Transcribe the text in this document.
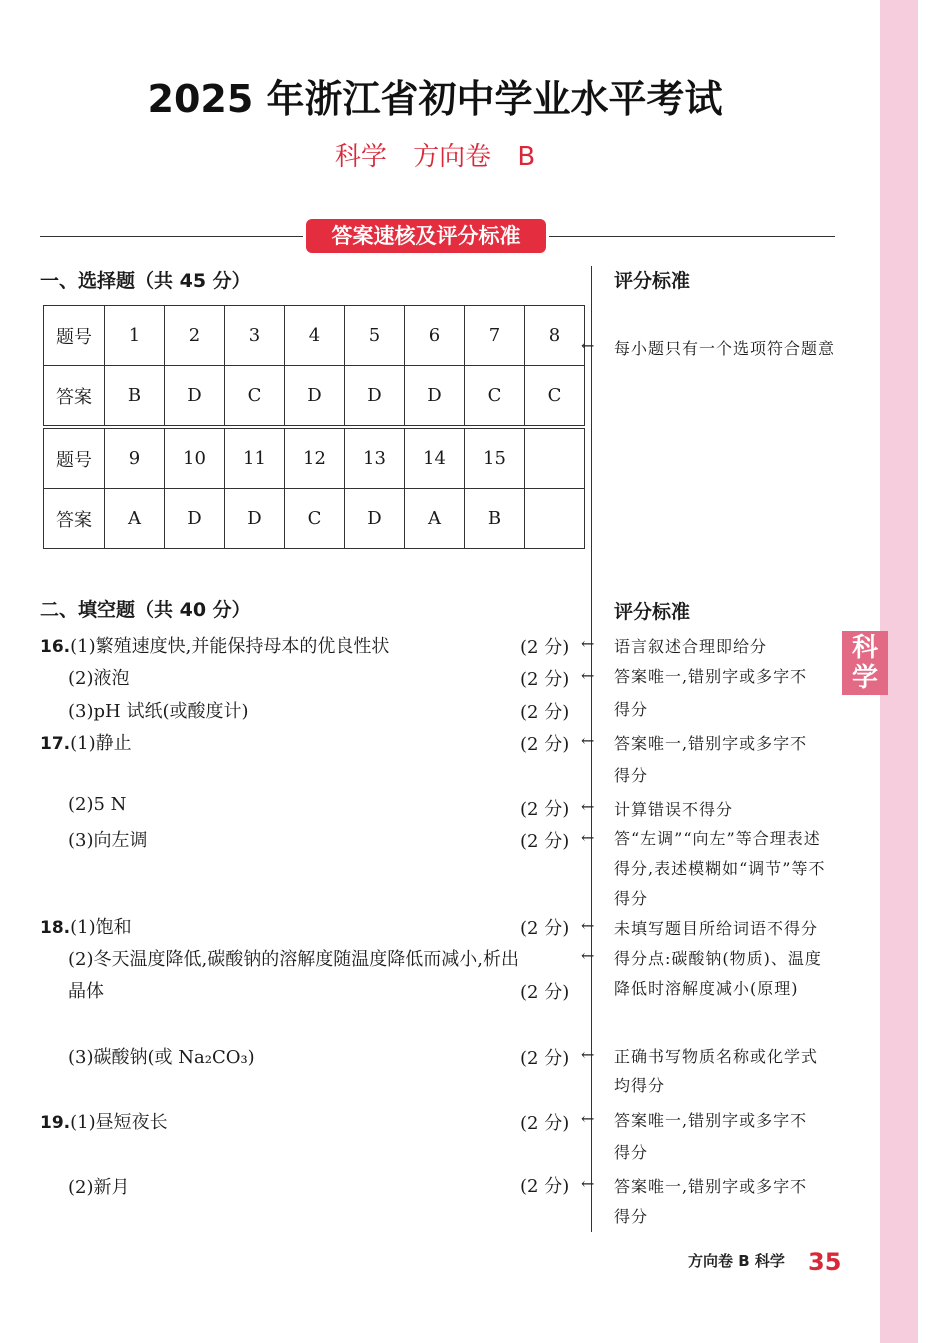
科学
2025 年浙江省初中学业水平考试
科学 方向卷 B
答案速核及评分标准
一、选择题（共 45 分）	评分标准
题号	1	2	3	4	5	6	7	8
答案	B	D	C	D	D	D	C	C
题号	9	10	11	12	13	14	15	
答案	A	D	D	C	D	A	B	
← 每小题只有一个选项符合题意
二、填空题（共 40 分）	评分标准
16.(1)繁殖速度快,并能保持母本的优良性状	(2 分) ← 语言叙述合理即给分
(2)液泡	(2 分) ← 答案唯一,错别字或多字不
得分
(3)pH 试纸(或酸度计)	(2 分)
17.(1)静止	(2 分) ← 答案唯一,错别字或多字不
得分
(2)5 N	(2 分) ← 计算错误不得分
(3)向左调	(2 分) ← 答“左调”“向左”等合理表述
得分,表述模糊如“调节”等不
得分
18.(1)饱和	(2 分) ← 未填写题目所给词语不得分
(2)冬天温度降低,碳酸钠的溶解度随温度降低而减小,析出
晶体	(2 分)
← 得分点:碳酸钠(物质)、温度
降低时溶解度减小(原理)
(3)碳酸钠(或 Na₂CO₃)	(2 分) ← 正确书写物质名称或化学式
均得分
19.(1)昼短夜长	(2 分) ← 答案唯一,错别字或多字不
得分
(2)新月	(2 分) ← 答案唯一,错别字或多字不
得分
方向卷 B 科学 35
